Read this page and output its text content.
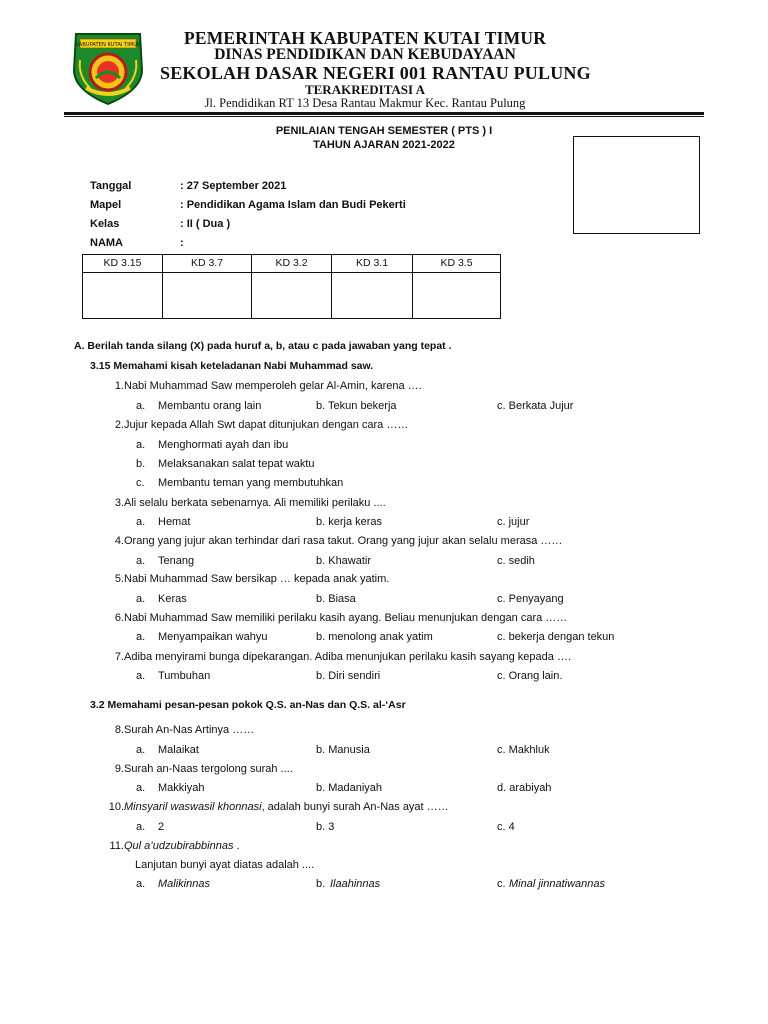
KABUPATEN KUTAI TIMUR	PEMERINTAH KABUPATEN KUTAI TIMUR
DINAS PENDIDIKAN DAN KEBUDAYAAN
SEKOLAH DASAR NEGERI 001 RANTAU PULUNG
TERAKREDITASI A
Jl. Pendidikan RT 13 Desa Rantau Makmur Kec. Rantau Pulung
PENILAIAN TENGAH SEMESTER ( PTS ) I
TAHUN AJARAN 2021-2022
Tanggal	: 27 September 2021
Mapel	: Pendidikan Agama Islam dan Budi Pekerti
Kelas	: II ( Dua )
NAMA	:
KD 3.15	KD 3.7	KD 3.2	KD 3.1	KD 3.5

A. Berilah tanda silang (X) pada huruf a, b, atau c pada jawaban yang tepat .
3.15 Memahami kisah keteladanan Nabi Muhammad saw.
1. Nabi Muhammad Saw memperoleh gelar Al-Amin, karena ….
a. Membantu orang lain	b. Tekun bekerja	c. Berkata Jujur
2. Jujur kepada Allah Swt dapat ditunjukan dengan cara ……
a. Menghormati ayah dan ibu
b. Melaksanakan salat tepat waktu
c. Membantu teman yang membutuhkan
3. Ali selalu berkata sebenarnya. Ali memiliki perilaku ....
a. Hemat	b. kerja keras	c. jujur
4. Orang yang jujur akan terhindar dari rasa takut. Orang yang jujur akan selalu merasa ……
a. Tenang	b. Khawatir	c. sedih
5. Nabi Muhammad Saw bersikap … kepada anak yatim.
a. Keras	b. Biasa	c. Penyayang
6. Nabi Muhammad Saw memiliki perilaku kasih ayang. Beliau menunjukan dengan cara ……
a. Menyampaikan wahyu	b. menolong anak yatim	c. bekerja dengan tekun
7. Adiba menyirami bunga dipekarangan. Adiba menunjukan perilaku kasih sayang kepada ….
a. Tumbuhan	b. Diri sendiri	c. Orang lain.
3.2 Memahami pesan-pesan pokok Q.S. an-Nas dan Q.S. al-‘Asr
8. Surah An-Nas Artinya ……
a. Malaikat	b. Manusia	c. Makhluk
9. Surah an-Naas tergolong surah ....
a. Makkiyah	b. Madaniyah	d. arabiyah
10. Minsyaril waswasil khonnasi, adalah bunyi surah An-Nas ayat ……
a. 2	b. 3	c. 4
11. Qul a’udzubirabbinnas .
Lanjutan bunyi ayat diatas adalah ....
a. Malikinnas	b. Ilaahinnas	c. Minal jinnatiwannas
